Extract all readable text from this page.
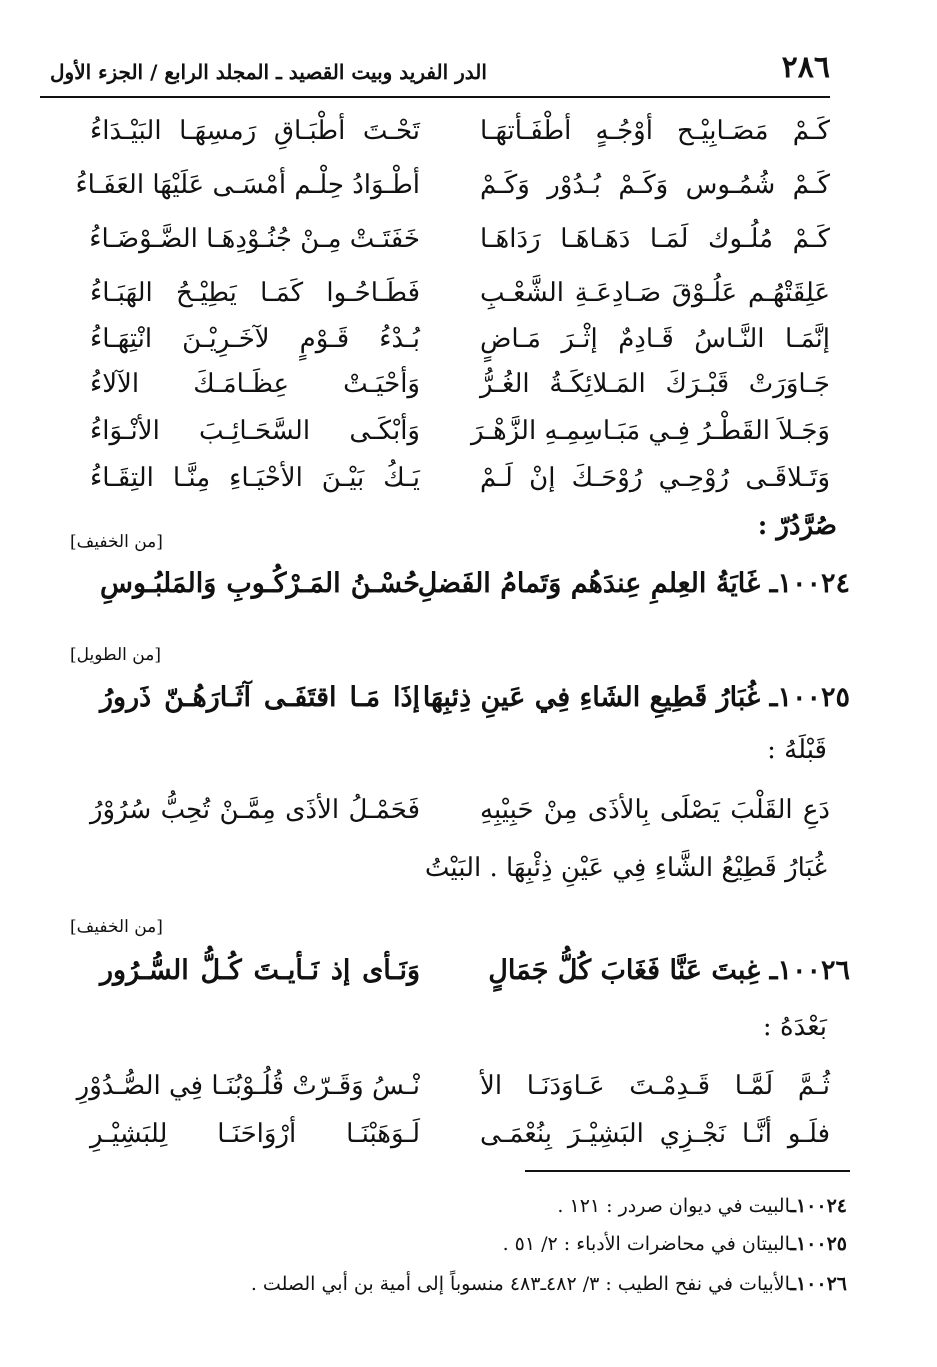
٢٨٦
الدر الفريد وبيت القصيد ـ المجلد الرابع / الجزء الأول
كَـمْ مَصَـابِيْـح أوْجُـهٍ أطْفَـأتهَـا
تَحْـتَ أطْبَـاقِ رَمسِهَـا البَيْـدَاءُ
كَـمْ شُمُـوس وَكَـمْ بُـدُوْر وَكَـمْ
أطْـوَادُ حِلْـم أمْسَـى عَلَيْهَا العَفَـاءُ
كَـمْ مُلُـوك لَمَـا دَهَـاهَـا رَدَاهَـا
خَفَتَـتْ مِـنْ جُنُـوْدِهَـا الضَّـوْضَـاءُ
عَلِقَتْهُـم عَلُـوْقَ صَـادِعَـةِ الشَّعْـبِ
فَطَـاحُـوا كَمَـا يَطِيْـحُ الهَبَـاءُ
إنَّمَـا النَّـاسُ قَـادِمٌ إثْـرَ مَـاضٍ
بُـدْءُ قَـوْمٍ لآخَـرِيْـنَ انْتِهَـاءُ
جَـاوَرَتْ قَبْـرَكَ المَـلائِكَـةُ الغُـرُّ
وَأحْيَـتْ عِظَـامَـكَ الآلاءُ
وَجَـلاَ القَطْـرُ فِـي مَبَـاسِمِـهِ الزَّهْـرَ
وَأبْكَـى السَّحَـائِـبَ الأنْـوَاءُ
وَتَـلاقَـى رُوْحِـي رُوْحَـكَ إنْ لَـمْ
يَـكُ بَيْـنَ الأحْيَـاءِ مِنَّـا التِقَـاءُ
صُرَّدُرّ :
[من الخفيف]
١٠٠٢٤ـ غَايَةُ العِلمِ عِندَهُم وَتَمامُ الفَضلِ
حُسْـنُ المَـرْكُـوبِ وَالمَلبُـوسِ
[من الطويل]
١٠٠٢٥ـ غُبَارُ قَطِيعِ الشَاءِ فِي عَينِ ذِئبِهَا
إذَا مَـا اقتَفَـى آثَـارَهُـنّ ذَرورُ
قَبْلَهُ :
دَعِ القَلْبَ يَصْلَى بِالأذَى مِنْ حَبِيْبِهِ
فَحَمْـلُ الأذَى مِمَّـنْ تُحِبُّ سُرُوْرُ
غُبَارُ قَطِيْعُ الشَّاءِ فِي عَيْنِ ذِئْبِهَا . البَيْتُ
[من الخفيف]
١٠٠٢٦ـ غِبتَ عَنَّا فَغَابَ كُلُّ جَمَالٍ
وَنَـأى إذ نَـأيـتَ كُـلُّ السُّـرُور
بَعْدَهُ :
ثُـمَّ لَمَّـا قَـدِمْـتَ عَـاوَدَنَـا الأ
نْـسُ وَقَـرّتْ قُلُـوْبُنَـا فِي الصُّـدُوْرِ
فلَـو أنَّـا نَجْـزِي البَشِيْـرَ بِنُعْمَـى
لَـوَهَبْنَـا أرْوَاحَنَـا لِلبَشِيْـرِ
١٠٠٢٤ـالبيت في ديوان صردر : ١٢١ .
١٠٠٢٥ـالبيتان في محاضرات الأدباء : ٢/ ٥١ .
١٠٠٢٦ـالأبيات في نفح الطيب : ٣/ ٤٨٢ـ٤٨٣ منسوباً إلى أمية بن أبي الصلت .
